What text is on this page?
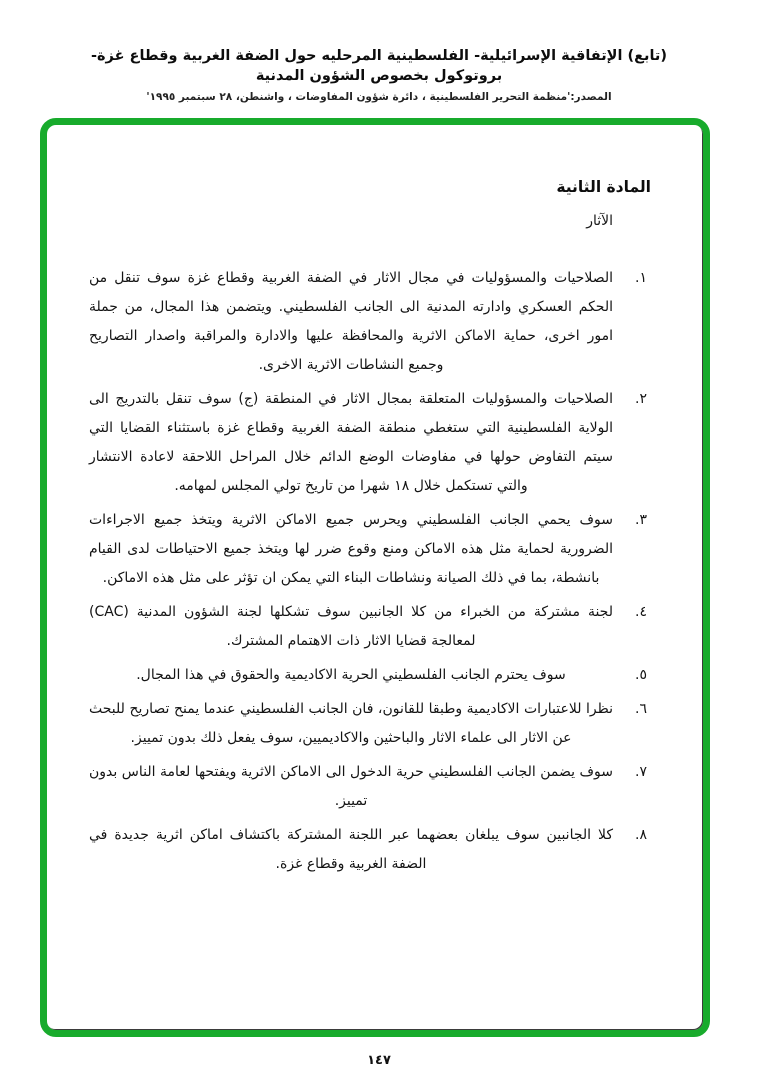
(تابع) الإتفاقية الإسرائيلية- الفلسطينية المرحليه حول الضفة الغربية وقطاع غزة- بروتوكول بخصوص الشؤون المدنية
المصدر:'منظمة التحرير الفلسطينية ، دائرة شؤون المفاوضات ، واشنطن، ٢٨ سبتمبر ١٩٩٥'
المادة الثانية
الآثار
١.
الصلاحيات والمسؤوليات في مجال الاثار في الضفة الغربية وقطاع غزة سوف تنقل من الحكم العسكري وادارته المدنية الى الجانب الفلسطيني. ويتضمن هذا المجال، من جملة امور اخرى، حماية الاماكن الاثرية والمحافظة عليها والادارة والمراقبة واصدار التصاريح وجميع النشاطات الاثرية الاخرى.
٢.
الصلاحيات والمسؤوليات المتعلقة بمجال الاثار في المنطقة (ج) سوف تنقل بالتدريج الى الولاية الفلسطينية التي ستغطي منطقة الضفة الغربية وقطاع غزة باستثناء القضايا التي سيتم التفاوض حولها في مفاوضات الوضع الدائم خلال المراحل اللاحقة لاعادة الانتشار والتي تستكمل خلال ١٨ شهرا من تاريخ تولي المجلس لمهامه.
٣.
سوف يحمي الجانب الفلسطيني ويحرس جميع الاماكن الاثرية ويتخذ جميع الاجراءات الضرورية لحماية مثل هذه الاماكن ومنع وقوع ضرر لها ويتخذ جميع الاحتياطات لدى القيام بانشطة، بما في ذلك الصيانة ونشاطات البناء التي يمكن ان تؤثر على مثل هذه الاماكن.
٤.
لجنة مشتركة من الخبراء من كلا الجانبين سوف تشكلها لجنة الشؤون المدنية (CAC) لمعالجة قضايا الاثار ذات الاهتمام المشترك.
٥.
سوف يحترم الجانب الفلسطيني الحرية الاكاديمية والحقوق في هذا المجال.
٦.
نظرا للاعتبارات الاكاديمية وطبقا للقانون، فان الجانب الفلسطيني عندما يمنح تصاريح للبحث عن الاثار الى علماء الاثار والباحثين والاكاديميين، سوف يفعل ذلك بدون تمييز.
٧.
سوف يضمن الجانب الفلسطيني حرية الدخول الى الاماكن الاثرية ويفتحها لعامة الناس بدون تمييز.
٨.
كلا الجانبين سوف يبلغان بعضهما عبر اللجنة المشتركة باكتشاف اماكن اثرية جديدة في الضفة الغربية وقطاع غزة.
١٤٧
